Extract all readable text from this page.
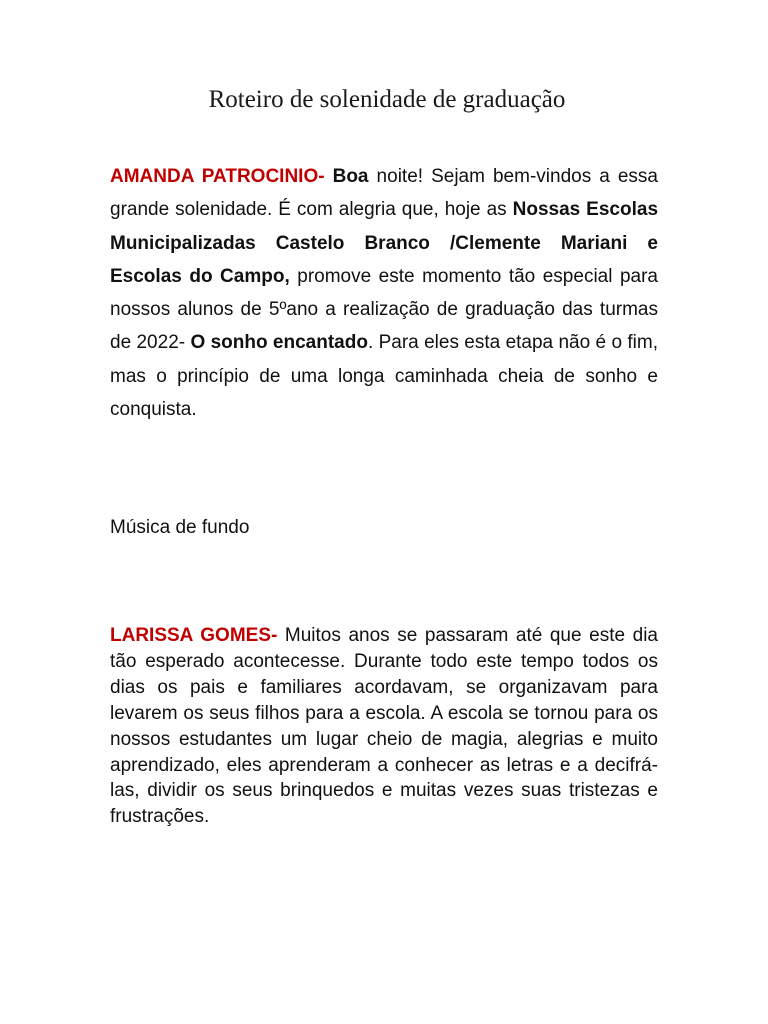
Roteiro de solenidade de graduação

AMANDA PATROCINIO- Boa noite! Sejam bem-vindos a essa grande solenidade. É com alegria que, hoje as Nossas Escolas Municipalizadas Castelo Branco /Clemente Mariani e Escolas do Campo, promove este momento tão especial para nossos alunos de 5ºano a realização de graduação das turmas de 2022- O sonho encantado. Para eles esta etapa não é o fim, mas o princípio de uma longa caminhada cheia de sonho e conquista.

Música de fundo

LARISSA GOMES- Muitos anos se passaram até que este dia tão esperado acontecesse. Durante todo este tempo todos os dias os pais e familiares acordavam, se organizavam para levarem os seus filhos para a escola. A escola se tornou para os nossos estudantes um lugar cheio de magia, alegrias e muito aprendizado, eles aprenderam a conhecer as letras e a decifrá-las, dividir os seus brinquedos e muitas vezes suas tristezas e frustrações.
